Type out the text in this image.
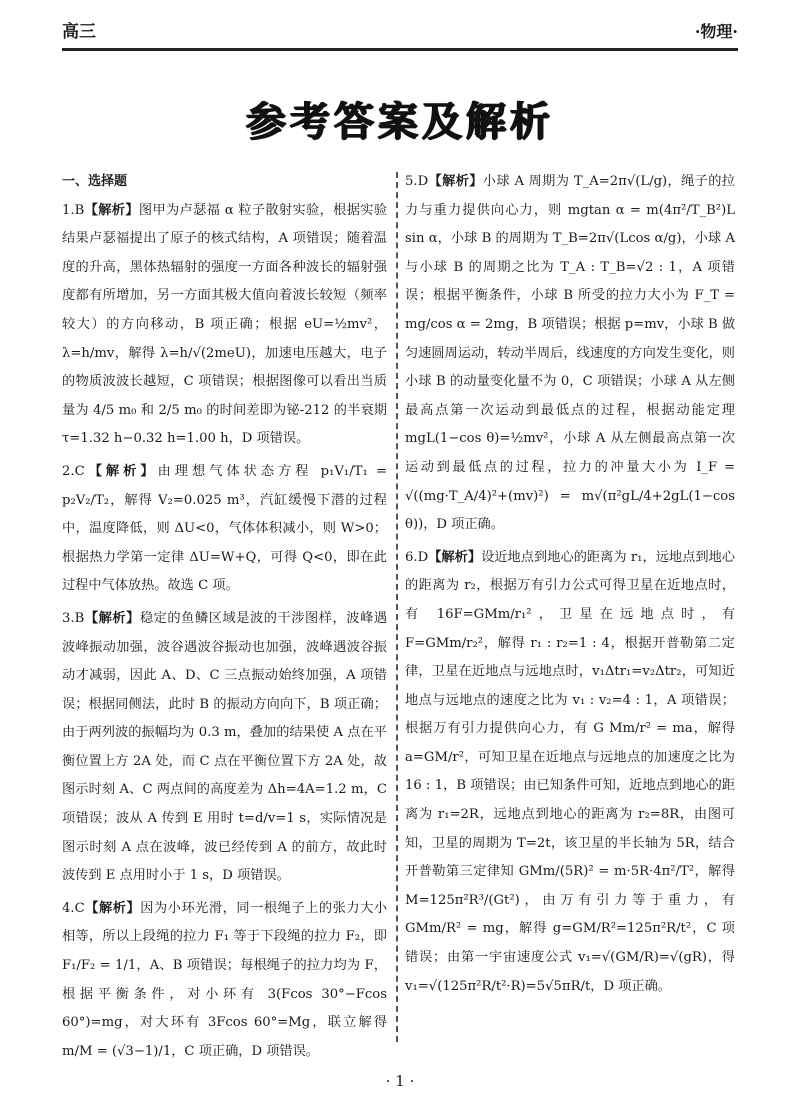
高三	·物理·
参考答案及解析
一、选择题

1.B【解析】图甲为卢瑟福 α 粒子散射实验，根据实验结果卢瑟福提出了原子的核式结构，A 项错误；随着温度的升高，黑体热辐射的强度一方面各种波长的辐射强度都有所增加，另一方面其极大值向着波长较短（频率较大）的方向移动，B 项正确；根据 eU=½mv²，λ=h/mv，解得 λ=h/√(2meU)，加速电压越大，电子的物质波波长越短，C 项错误；根据图像可以看出当质量为 4/5 m₀ 和 2/5 m₀ 的时间差即为铋-212 的半衰期 τ=1.32 h−0.32 h=1.00 h，D 项错误。

2.C【解析】由理想气体状态方程 p₁V₁/T₁ = p₂V₂/T₂，解得 V₂=0.025 m³，汽缸缓慢下潜的过程中，温度降低，则 ΔU<0，气体体积减小，则 W>0；根据热力学第一定律 ΔU=W+Q，可得 Q<0，即在此过程中气体放热。故选 C 项。

3.B【解析】稳定的鱼鳞区域是波的干涉图样，波峰遇波峰振动加强，波谷遇波谷振动也加强，波峰遇波谷振动才减弱，因此 A、D、C 三点振动始终加强，A 项错误；根据同侧法，此时 B 的振动方向向下，B 项正确；由于两列波的振幅均为 0.3 m，叠加的结果使 A 点在平衡位置上方 2A 处，而 C 点在平衡位置下方 2A 处，故图示时刻 A、C 两点间的高度差为 Δh=4A=1.2 m，C 项错误；波从 A 传到 E 用时 t=d/v=1 s，实际情况是图示时刻 A 点在波峰，波已经传到 A 的前方，故此时波传到 E 点用时小于 1 s，D 项错误。

4.C【解析】因为小环光滑，同一根绳子上的张力大小相等，所以上段绳的拉力 F₁ 等于下段绳的拉力 F₂，即 F₁/F₂ = 1/1，A、B 项错误；每根绳子的拉力均为 F，根据平衡条件，对小环有 3(Fcos 30°−Fcos 60°)=mg，对大环有 3Fcos 60°=Mg，联立解得 m/M = (√3−1)/1，C 项正确，D 项错误。

5.D【解析】小球 A 周期为 T_A=2π√(L/g)，绳子的拉力与重力提供向心力，则 mgtan α = m(4π²/T_B²)L sin α，小球 B 的周期为 T_B=2π√(Lcos α/g)，小球 A 与小球 B 的周期之比为 T_A : T_B=√2 : 1，A 项错误；根据平衡条件，小球 B 所受的拉力大小为 F_T = mg/cos α = 2mg，B 项错误；根据 p=mv，小球 B 做匀速圆周运动，转动半周后，线速度的方向发生变化，则小球 B 的动量变化量不为 0，C 项错误；小球 A 从左侧最高点第一次运动到最低点的过程，根据动能定理 mgL(1−cos θ)=½mv²，小球 A 从左侧最高点第一次运动到最低点的过程，拉力的冲量大小为 I_F = √((mg·T_A/4)²+(mv)²) = m√(π²gL/4+2gL(1−cos θ))，D 项正确。

6.D【解析】设近地点到地心的距离为 r₁，远地点到地心的距离为 r₂，根据万有引力公式可得卫星在近地点时，有 16F=GMm/r₁²，卫星在远地点时，有 F=GMm/r₂²，解得 r₁ : r₂=1 : 4，根据开普勒第二定律，卫星在近地点与远地点时，v₁Δtr₁=v₂Δtr₂，可知近地点与远地点的速度之比为 v₁ : v₂=4 : 1，A 项错误；根据万有引力提供向心力，有 G Mm/r² = ma，解得 a=GM/r²，可知卫星在近地点与远地点的加速度之比为 16 : 1，B 项错误；由已知条件可知，近地点到地心的距离为 r₁=2R，远地点到地心的距离为 r₂=8R，由图可知，卫星的周期为 T=2t，该卫星的半长轴为 5R，结合开普勒第三定律知 GMm/(5R)² = m·5R·4π²/T²，解得 M=125π²R³/(Gt²)，由万有引力等于重力，有 GMm/R² = mg，解得 g=GM/R²=125π²R/t²，C 项错误；由第一宇宙速度公式 v₁=√(GM/R)=√(gR)，得 v₁=√(125π²R/t²·R)=5√5πR/t，D 项正确。

· 1 ·
